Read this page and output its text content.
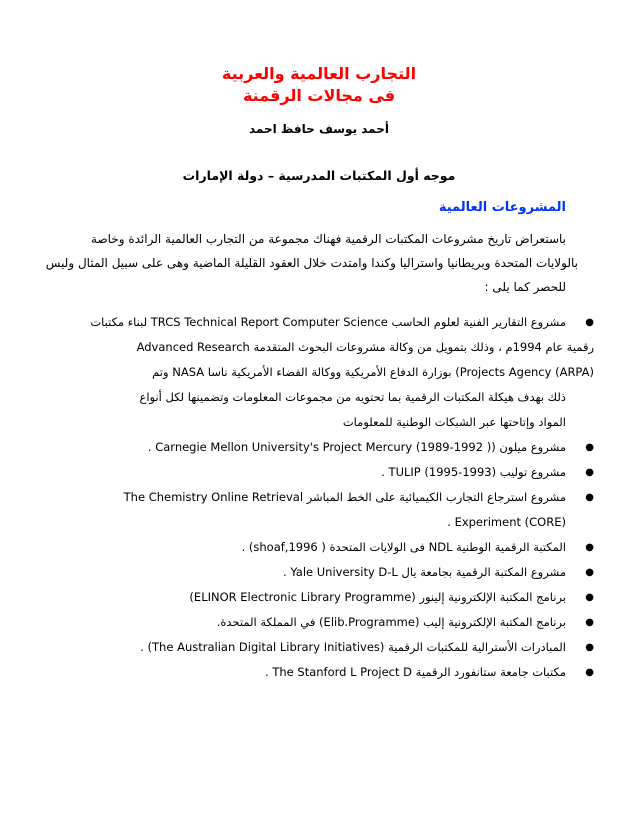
التجارب العالمية والعربية
فى مجالات الرقمنة
أحمد يوسف حافظ احمد
موجه أول المكتبات المدرسية – دولة الإمارات
المشروعات العالمية
باستعراض تاريخ مشروعات المكتبات الرقمية فهناك مجموعة من التجارب العالمية الرائدة وخاصة
بالولايات المتحدة وبريطانيا واستراليا وكندا وامتدت خلال العقود القليلة الماضية وهى على سبيل المثال وليس
للحصر كما يلى :
●
مشروع التقارير الفنية لعلوم الحاسب TRCS Technical Report Computer Science لبناء مكتبات
رقمية عام 1994م ، وذلك بتمويل من وكالة مشروعات البحوث المتقدمة Advanced Research
Projects Agency (ARPA)) بوزارة الدفاع الأمريكية ووكالة الفضاء الأمريكية ناسا NASA وتم
ذلك بهدف هيكلة المكتبات الرقمية بما تحتويه من مجموعات المعلومات وتضمينها لكل أنواع
المواد وإتاحتها عبر الشبكات الوطنية للمعلومات
●
مشروع ميلون (Carnegie Mellon University's Project Mercury (1989-1992 ) .
●
مشروع توليب (1993-1995) TULIP .
●
مشروع استرجاع التجارب الكيميائية على الخط المباشر The Chemistry Online Retrieval
(Experiment (CORE .
●
المكتبة الرقمية الوطنية NDL فى الولايات المتحدة ( shoaf,1996) .
●
مشروع المكتبة الرقمية بجامعة يال Yale University D-L .
●
برنامج المكتبة الإلكترونية إلينور (ELINOR Electronic Library Programme)
●
برنامج المكتبة الإلكترونية إليب (Elib.Programme) في المملكة المتحدة.
●
المبادرات الأسترالية للمكتبات الرقمية (The Australian Digital Library Initiatives) .
●
مكتبات جامعة ستانفورد الرقمية The Stanford L Project D .
